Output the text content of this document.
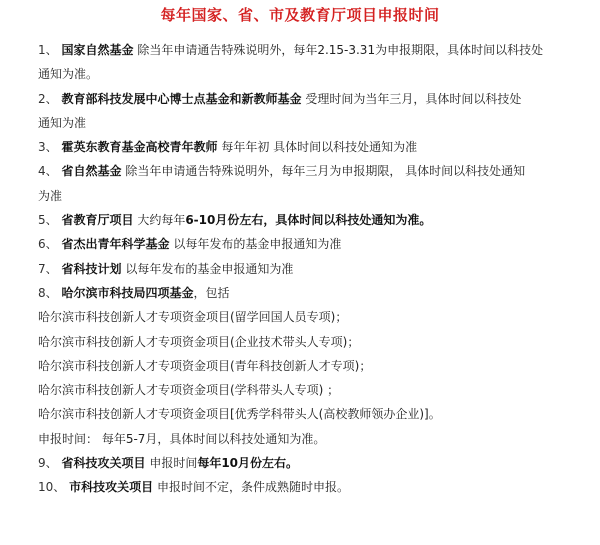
每年国家、省、市及教育厅项目申报时间
1、 国家自然基金 除当年申请通告特殊说明外，每年2.15-3.31为申报期限，具体时间以科技处
通知为准。
2、 教育部科技发展中心博士点基金和新教师基金 受理时间为当年三月，具体时间以科技处
通知为准
3、 霍英东教育基金高校青年教师 每年年初 具体时间以科技处通知为准
4、 省自然基金 除当年申请通告特殊说明外，每年三月为申报期限， 具体时间以科技处通知
为准
5、 省教育厅项目 大约每年6-10月份左右，具体时间以科技处通知为准。
6、 省杰出青年科学基金 以每年发布的基金申报通知为准
7、 省科技计划 以每年发布的基金申报通知为准
8、 哈尔滨市科技局四项基金，包括
哈尔滨市科技创新人才专项资金项目(留学回国人员专项)；
哈尔滨市科技创新人才专项资金项目(企业技术带头人专项)；
哈尔滨市科技创新人才专项资金项目(青年科技创新人才专项)；
哈尔滨市科技创新人才专项资金项目(学科带头人专项) ；
哈尔滨市科技创新人才专项资金项目[优秀学科带头人(高校教师领办企业)]。
申报时间： 每年5-7月，具体时间以科技处通知为准。
9、 省科技攻关项目 申报时间每年10月份左右。
10、 市科技攻关项目 申报时间不定，条件成熟随时申报。
